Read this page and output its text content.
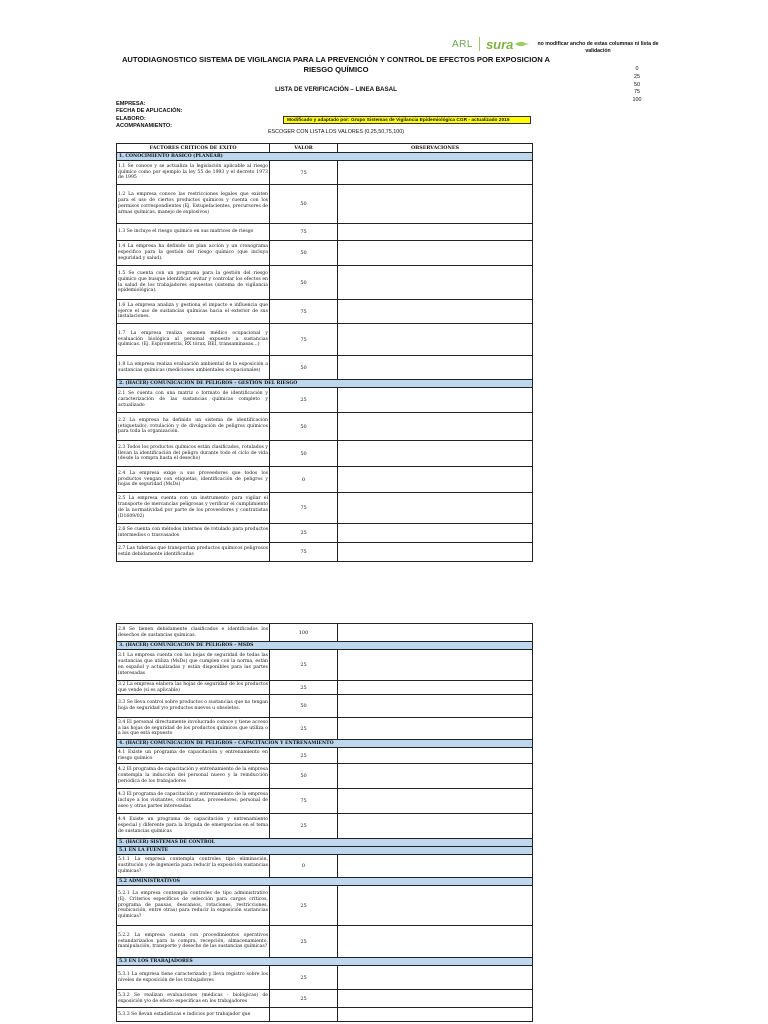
ARL sura	no modificar ancho de estas columnas ni lista de validación
0
25
50
75
100
AUTODIAGNOSTICO SISTEMA DE VIGILANCIA PARA LA PREVENCIÓN Y CONTROL DE EFECTOS POR EXPOSICION A RIESGO QUÍMICO
LISTA DE VERIFICACIÓN – LINEA BASAL
EMPRESA:
FECHA DE APLICACIÓN:
ELABORO:
ACOMPANAMIENTO:
Modificado y adaptado por: Grupo Sistemas de Vigilancia Epidemiológica CGR - actualizado 2015
ESCOGER CON LISTA LOS VALORES (0,25,50,75,100)
FACTORES CRITICOS DE EXITO	VALOR	OBSERVACIONES
1. CONOCIMIENTO BASICO (PLANEAR)		
1.1 Se conoce y se actualiza la legislación aplicable al riesgo químico como por ejemplo la ley 55 de 1993 y el decreto 1973 de 1995	75	
1.2 La empresa conoce las restricciones legales que existen para el uso de ciertos productos químicos y cuenta con los permisos correspondientes (Ej. Estupefacientes, precursores de armas químicas, manejo de explosivos)	50	
1.3 Se incluye el riesgo químico en sus matrices de riesgo	75	
1.4 La empresa ha definido un plan acción y un cronograma especifico para la gestión del riesgo químico (que incluya seguridad y salud).	50	
1.5 Se cuenta con un programa para la gestión del riesgo químico que busque identificar, evitar y controlar los efectos en la salud de los trabajadores expuestos (sistema de vigilancia epidemiológica).	50	
1.6 La empresa analiza y gestiona el impacto e influencia que ejerce el uso de sustancias químicas hacia el exterior de sus instalaciones.	75	
1.7 La empresa realiza examen médico ocupacional y evaluación biológica al personal expuesto a sustancias químicas. (Ej. Espirometría, RX tórax, BEI, transaminasas…)	75	
1.8 La empresa realiza evaluación ambiental de la exposición a sustancias químicas (mediciones ambientales ocupacionales)	50	
2. (HACER) COMUNICACIÓN DE PELIGROS – GESTIÓN DEL RIESGO		
2.1 Se cuenta con una matriz o formato de identificación y caracterización de las sustancias químicas completo y actualizado	25	
2.2 La empresa ha definido un sistema de identificación (etiquetado), rotulación y de divulgación de peligros químicos para toda la organización.	50	
2.3 Todos los productos químicos están clasificados, rotulados y llevan la identificación del peligro durante todo el ciclo de vida (desde la compra hasta el desecho)	50	
2.4 La empresa exige a sus proveedores que todos los productos vengan con etiquetas, identificación de peligros y hojas de seguridad (MsDs)	0	
2.5 La empresa cuenta con un instrumento para vigilar el transporte de mercancías peligrosas y verificar el cumplimiento de la normatividad por parte de los proveedores y contratistas (D1609/02)	75	
2.6 Se cuenta con métodos internos de rotulado para productos intermedios o trasvasados	25	
2.7 Las tuberías que transportan productos químicos peligrosos están debidamente identificadas	75	
2.8 Se tienen debidamente clasificados e identificados los desechos de sustancias químicas.	100	
3. (HACER) COMUNICACION DE PELIGROS - MSDS		
3.1 La empresa cuenta con las hojas de seguridad de todas las sustancias que utiliza (MsDs) que cumplen con la norma, están en español y actualizadas y están disponibles para las partes interesadas	25	
3.2 La empresa elabora las hojas de seguridad de los productos que vende (si es aplicable)	25	
3.3 Se lleva control sobre productos o sustancias que no tengan hoja de seguridad y/o productos nuevos u obsoletos.	50	
3.4 El personal directamente involucrado conoce y tiene acceso a las hojas de seguridad de los productos químicos que utiliza o a los que está expuesto	25	
4. (HACER) COMUNICACION DE PELIGROS – CAPACITACION Y ENTRENAMIENTO		
4.1 Existe un programa de capacitación y entrenamiento en riesgo químico	25	
4.2 El programa de capacitación y entrenamiento de la empresa contempla la inducción del personal nuevo y la reinducción periódica de los trabajadores	50	
4.3 El programa de capacitación y entrenamiento de la empresa incluye a los visitantes, contratistas, proveedores, personal de aseo y otras partes interesadas	75	
4.4 Existe un programa de capacitación y entrenamiento especial y diferente para la brigada de emergencias en el tema de sustancias químicas	25	
5. (HACER) SISTEMAS DE CONTROL		
5.1 EN LA FUENTE		
5.1.1 La empresa contempla controles tipo eliminación, sustitución y de ingeniería para reducir la exposición sustancias químicas?	0	
5.2 ADMINISTRATIVOS		
5.2.1 La empresa contempla controles de tipo administrativo (Ej. Criterios específicos de selección para cargos críticos, programa de pausas, descansos, rotaciones, restricciones, reubicación, entre otras) para reducir la exposición sustancias químicas?	25	
5.2.2 La empresa cuenta con procedimientos operativos estandarizados para la compra, recepción, almacenamiento, manipulación, transporte y desecho de las sustancias químicas?	25	
5.3 EN LOS TRABAJADORES		
5.3.1 La empresa tiene caracterizado y lleva registro sobre los niveles de exposición de los trabajadores	25	
5.3.2 Se realizan evaluaciones (médicas - biológicas) de exposición y/o de efecto específicas en los trabajadores	25	
5.3.3 Se llevan estadísticas e indicios por trabajador que		
